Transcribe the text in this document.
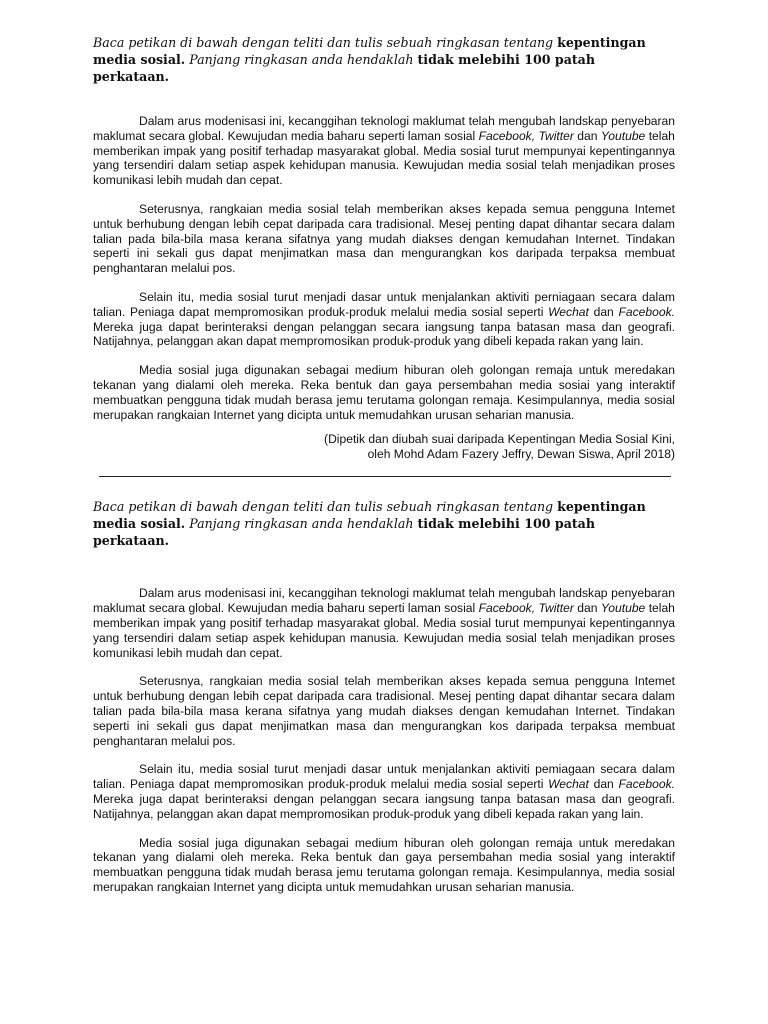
Baca petikan di bawah dengan teliti dan tulis sebuah ringkasan tentang kepentingan media sosial. Panjang ringkasan anda hendaklah tidak melebihi 100 patah perkataan.

Dalam arus modenisasi ini, kecanggihan teknologi maklumat telah mengubah landskap penyebaran maklumat secara global. Kewujudan media baharu seperti laman sosial Facebook, Twitter dan Youtube telah memberikan impak yang positif terhadap masyarakat global. Media sosial turut mempunyai kepentingannya yang tersendiri dalam setiap aspek kehidupan manusia. Kewujudan media sosial telah menjadikan proses komunikasi lebih mudah dan cepat.

Seterusnya, rangkaian media sosial telah memberikan akses kepada semua pengguna Intemet untuk berhubung dengan lebih cepat daripada cara tradisional. Mesej penting dapat dihantar secara dalam talian pada bila-bila masa kerana sifatnya yang mudah diakses dengan kemudahan Internet. Tindakan seperti ini sekali gus dapat menjimatkan masa dan mengurangkan kos daripada terpaksa membuat penghantaran melalui pos.

Selain itu, media sosial turut menjadi dasar untuk menjalankan aktiviti perniagaan secara dalam talian. Peniaga dapat mempromosikan produk-produk melalui media sosial seperti Wechat dan Facebook. Mereka juga dapat berinteraksi dengan pelanggan secara iangsung tanpa batasan masa dan geografi. Natijahnya, pelanggan akan dapat mempromosikan produk-produk yang dibeli kepada rakan yang lain.

Media sosial juga digunakan sebagai medium hiburan oleh golongan remaja untuk meredakan tekanan yang dialami oleh mereka. Reka bentuk dan gaya persembahan media sosiai yang interaktif membuatkan pengguna tidak mudah berasa jemu terutama golongan remaja. Kesimpulannya, media sosial merupakan rangkaian Internet yang dicipta untuk memudahkan urusan seharian manusia.

(Dipetik dan diubah suai daripada Kepentingan Media Sosial Kini,
oleh Mohd Adam Fazery Jeffry, Dewan Siswa, April 2018)

Baca petikan di bawah dengan teliti dan tulis sebuah ringkasan tentang kepentingan media sosial. Panjang ringkasan anda hendaklah tidak melebihi 100 patah perkataan.

Dalam arus modenisasi ini, kecanggihan teknologi maklumat telah mengubah landskap penyebaran maklumat secara global. Kewujudan media baharu seperti laman sosial Facebook, Twitter dan Youtube telah memberikan impak yang positif terhadap masyarakat global. Media sosial turut mempunyai kepentingannya yang tersendiri dalam setiap aspek kehidupan manusia. Kewujudan media sosial telah menjadikan proses komunikasi lebih mudah dan cepat.

Seterusnya, rangkaian media sosial telah memberikan akses kepada semua pengguna Intemet untuk berhubung dengan lebih cepat daripada cara tradisional. Mesej penting dapat dihantar secara dalam talian pada bila-bila masa kerana sifatnya yang mudah diakses dengan kemudahan Internet. Tindakan seperti ini sekali gus dapat menjimatkan masa dan mengurangkan kos daripada terpaksa membuat penghantaran melalui pos.

Selain itu, media sosial turut menjadi dasar untuk menjalankan aktiviti pemiagaan secara dalam talian. Peniaga dapat mempromosikan produk-produk melalui media sosial seperti Wechat dan Facebook. Mereka juga dapat berinteraksi dengan pelanggan secara iangsung tanpa batasan masa dan geografi. Natijahnya, pelanggan akan dapat mempromosikan produk-produk yang dibeli kepada rakan yang lain.

Media sosial juga digunakan sebagai medium hiburan oleh golongan remaja untuk meredakan tekanan yang dialami oleh mereka. Reka bentuk dan gaya persembahan media sosial yang interaktif membuatkan pengguna tidak mudah berasa jemu terutama golongan remaja. Kesimpulannya, media sosial merupakan rangkaian Internet yang dicipta untuk memudahkan urusan seharian manusia.
